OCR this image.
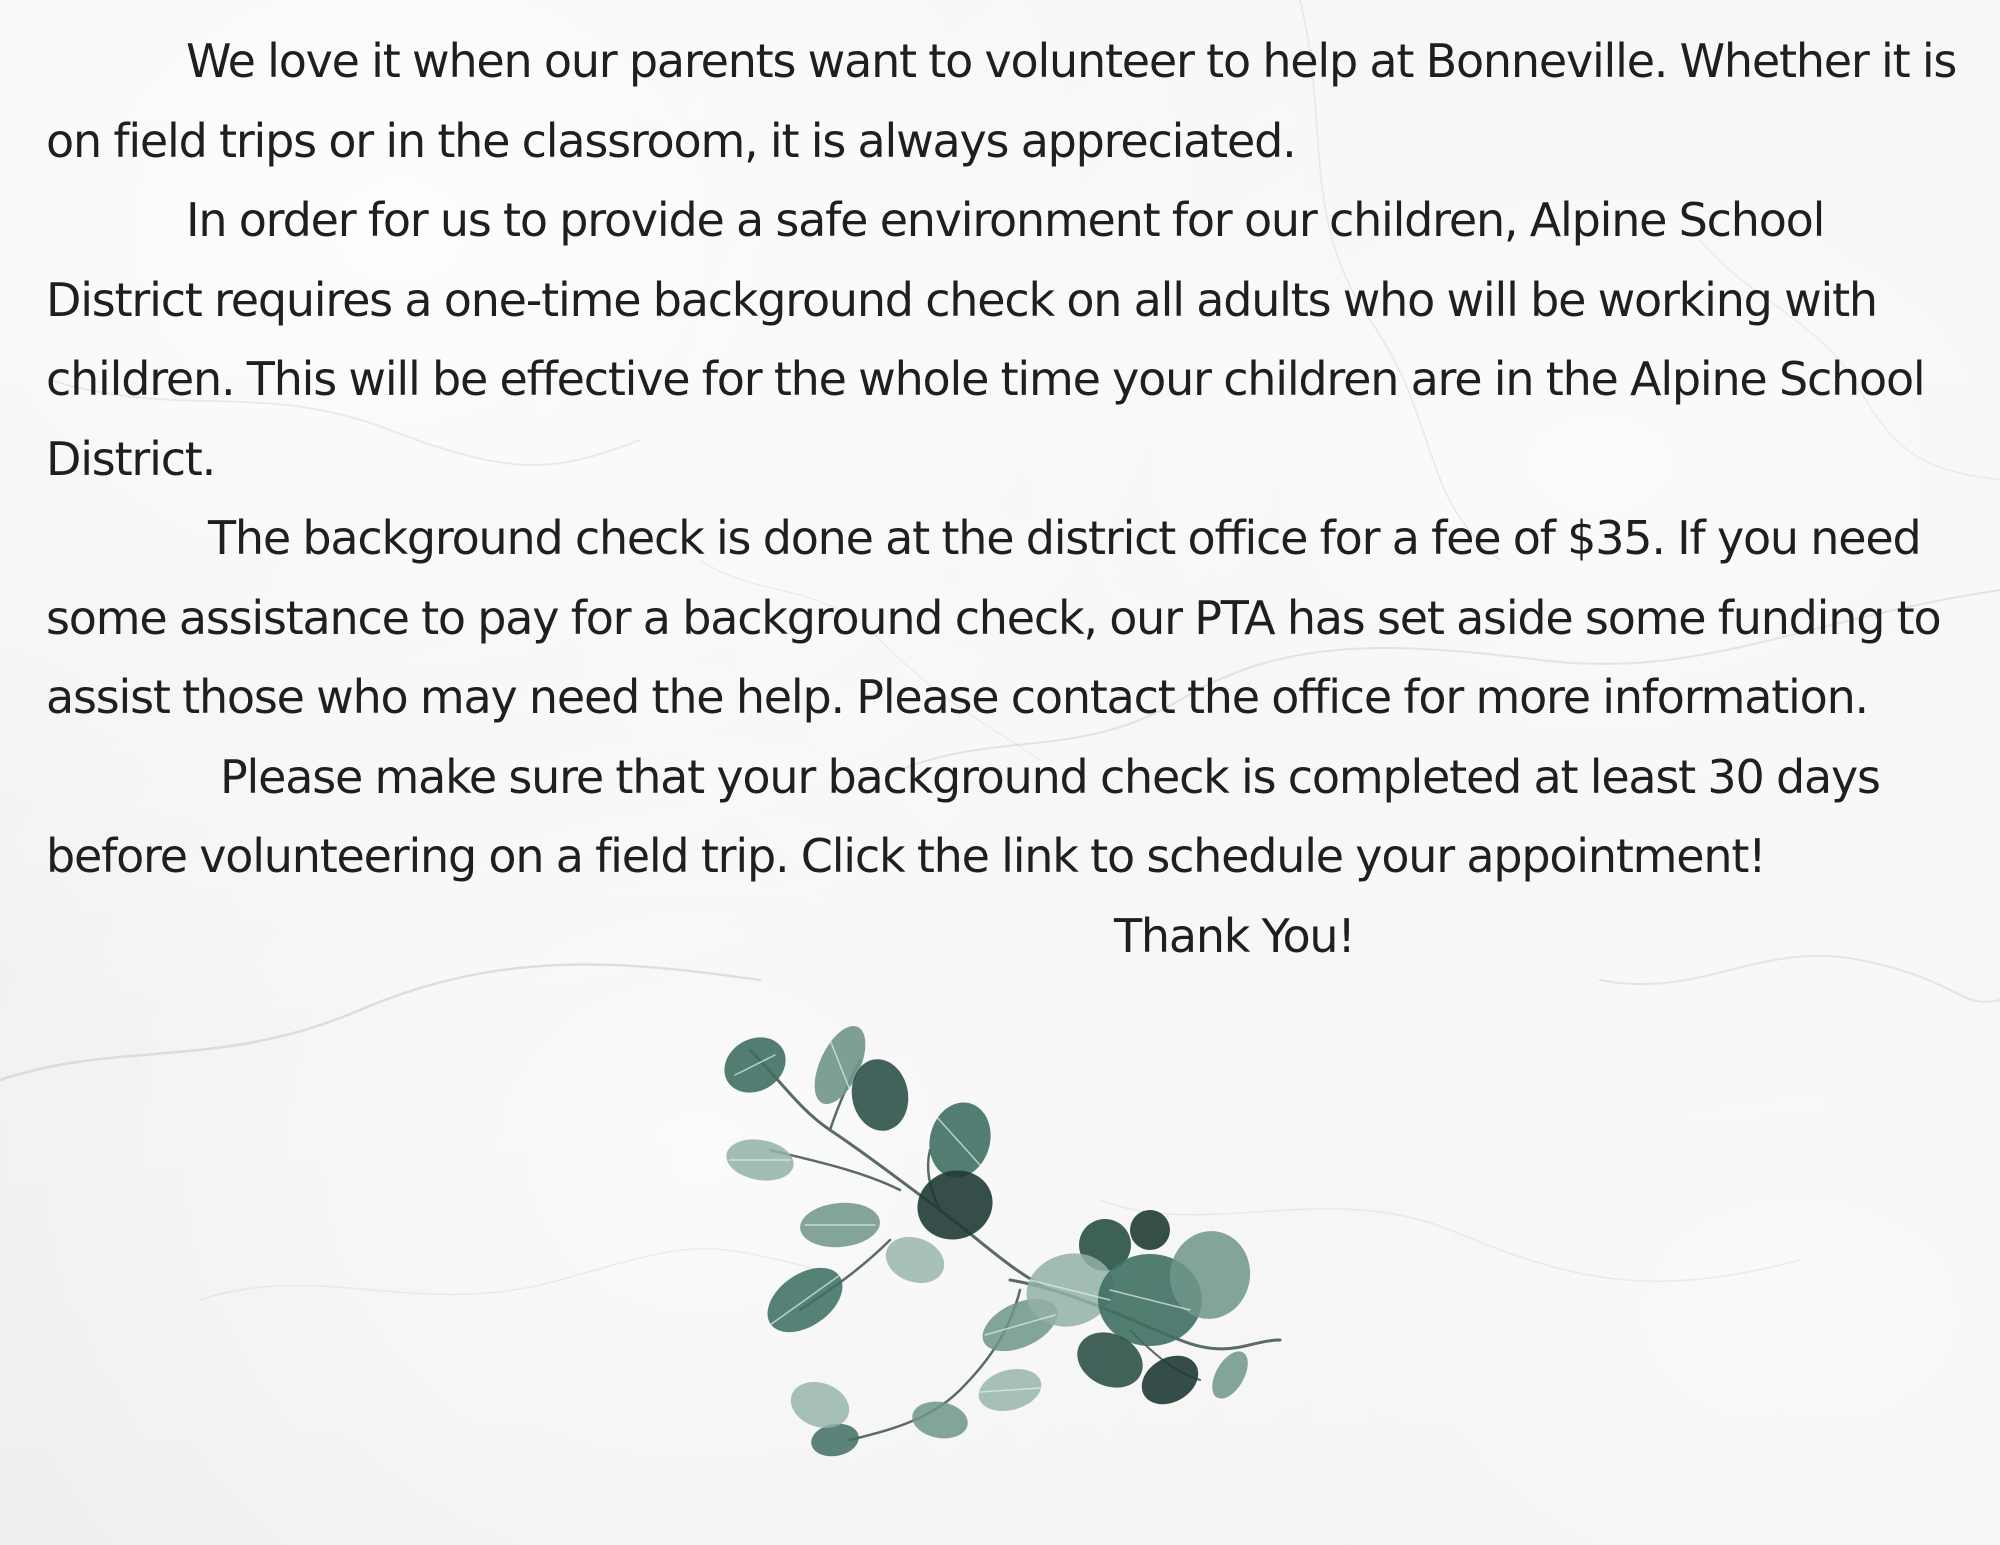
We love it when our parents want to volunteer to help at Bonneville. Whether it is on field trips or in the classroom, it is always appreciated.

In order for us to provide a safe environment for our children, Alpine School District requires a one-time background check on all adults who will be working with children. This will be effective for the whole time your children are in the Alpine School District.

The background check is done at the district office for a fee of $35. If you need some assistance to pay for a background check, our PTA has set aside some funding to assist those who may need the help. Please contact the office for more information.

Please make sure that your background check is completed at least 30 days before volunteering on a field trip. Click the link to schedule your appointment!

Thank You!
